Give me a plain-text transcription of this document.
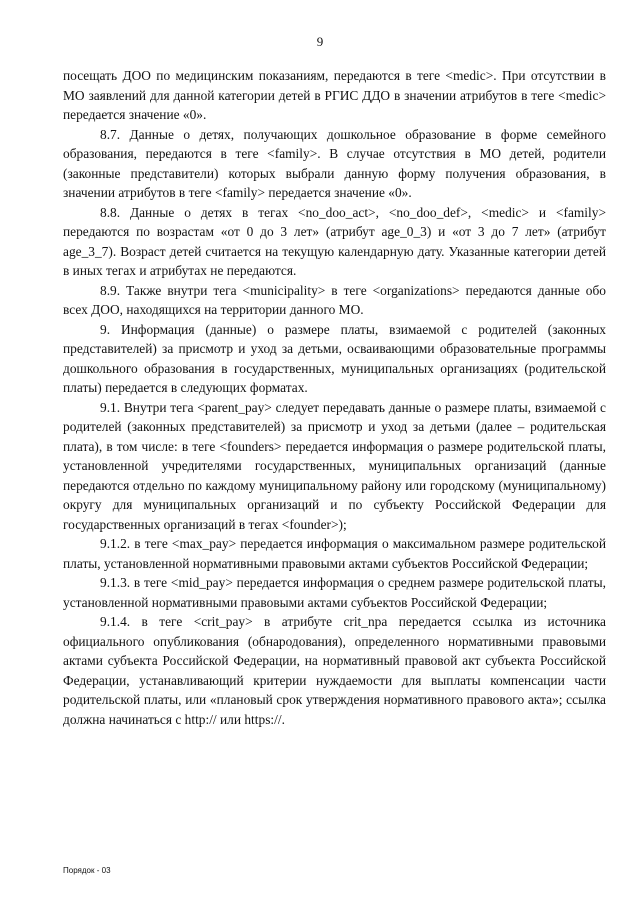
9

посещать ДОО по медицинским показаниям, передаются в теге <medic>. При отсутствии в МО заявлений для данной категории детей в РГИС ДДО в значении атрибутов в теге <medic> передается значение «0».

8.7. Данные о детях, получающих дошкольное образование в форме семейного образования, передаются в теге <family>. В случае отсутствия в МО детей, родители (законные представители) которых выбрали данную форму получения образования, в значении атрибутов в теге <family> передается значение «0».

8.8. Данные о детях в тегах <no_doo_act>, <no_doo_def>, <medic> и <family> передаются по возрастам «от 0 до 3 лет» (атрибут age_0_3) и «от 3 до 7 лет» (атрибут age_3_7). Возраст детей считается на текущую календарную дату. Указанные категории детей в иных тегах и атрибутах не передаются.

8.9. Также внутри тега <municipality> в теге <organizations> передаются данные обо всех ДОО, находящихся на территории данного МО.

9. Информация (данные) о размере платы, взимаемой с родителей (законных представителей) за присмотр и уход за детьми, осваивающими образовательные программы дошкольного образования в государственных, муниципальных организациях (родительской платы) передается в следующих форматах.

9.1. Внутри тега <parent_pay> следует передавать данные о размере платы, взимаемой с родителей (законных представителей) за присмотр и уход за детьми (далее – родительская плата), в том числе: в теге <founders> передается информация о размере родительской платы, установленной учредителями государственных, муниципальных организаций (данные передаются отдельно по каждому муниципальному району или городскому (муниципальному) округу для муниципальных организаций и по субъекту Российской Федерации для государственных организаций в тегах <founder>);

9.1.2. в теге <max_pay> передается информация о максимальном размере родительской платы, установленной нормативными правовыми актами субъектов Российской Федерации;

9.1.3. в теге <mid_pay> передается информация о среднем размере родительской платы, установленной нормативными правовыми актами субъектов Российской Федерации;

9.1.4. в теге <crit_pay> в атрибуте crit_npa передается ссылка из источника официального опубликования (обнародования), определенного нормативными правовыми актами субъекта Российской Федерации, на нормативный правовой акт субъекта Российской Федерации, устанавливающий критерии нуждаемости для выплаты компенсации части родительской платы, или «плановый срок утверждения нормативного правового акта»; ссылка должна начинаться с http:// или https://.

Порядок - 03
